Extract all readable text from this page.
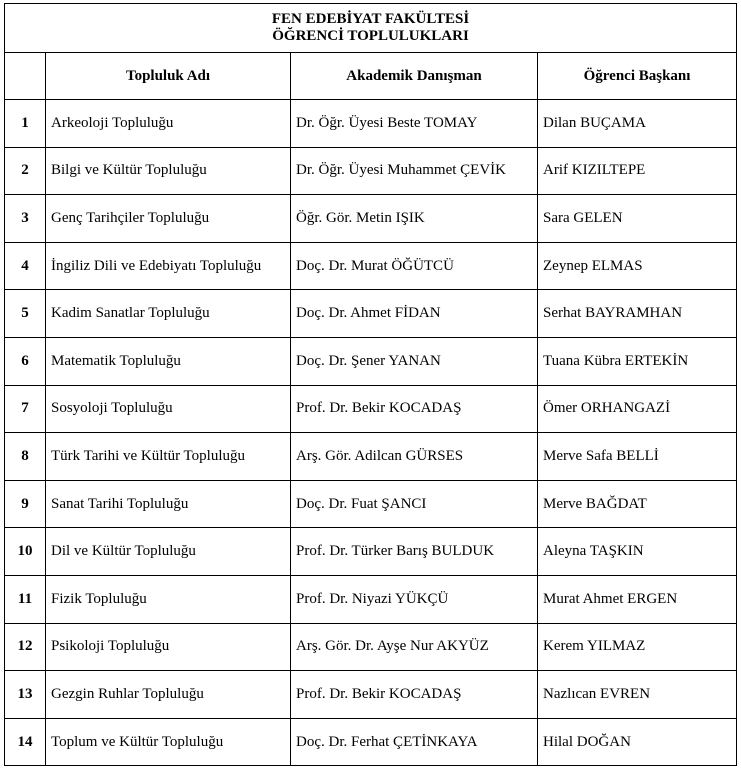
FEN EDEBİYAT FAKÜLTESİ
ÖĞRENCİ TOPLULUKLARI			

	Topluluk Adı	Akademik Danışman	Öğrenci Başkanı
1	Arkeoloji Topluluğu	Dr. Öğr. Üyesi Beste TOMAY	Dilan BUÇAMA
2	Bilgi ve Kültür Topluluğu	Dr. Öğr. Üyesi Muhammet ÇEVİK	Arif KIZILTEPE
3	Genç Tarihçiler Topluluğu	Öğr. Gör. Metin IŞIK	Sara GELEN
4	İngiliz Dili ve Edebiyatı Topluluğu	Doç. Dr. Murat ÖĞÜTCÜ	Zeynep ELMAS
5	Kadim Sanatlar Topluluğu	Doç. Dr. Ahmet FİDAN	Serhat BAYRAMHAN
6	Matematik Topluluğu	Doç. Dr. Şener YANAN	Tuana Kübra ERTEKİN
7	Sosyoloji Topluluğu	Prof. Dr. Bekir KOCADAŞ	Ömer ORHANGAZİ
8	Türk Tarihi ve Kültür Topluluğu	Arş. Gör. Adilcan GÜRSES	Merve Safa BELLİ
9	Sanat Tarihi Topluluğu	Doç. Dr. Fuat ŞANCI	Merve BAĞDAT
10	Dil ve Kültür Topluluğu	Prof. Dr. Türker Barış BULDUK	Aleyna TAŞKIN
11	Fizik Topluluğu	Prof. Dr. Niyazi YÜKÇÜ	Murat Ahmet ERGEN
12	Psikoloji Topluluğu	Arş. Gör. Dr. Ayşe Nur AKYÜZ	Kerem YILMAZ
13	Gezgin Ruhlar Topluluğu	Prof. Dr. Bekir KOCADAŞ	Nazlıcan EVREN
14	Toplum ve Kültür Topluluğu	Doç. Dr. Ferhat ÇETİNKAYA	Hilal DOĞAN
